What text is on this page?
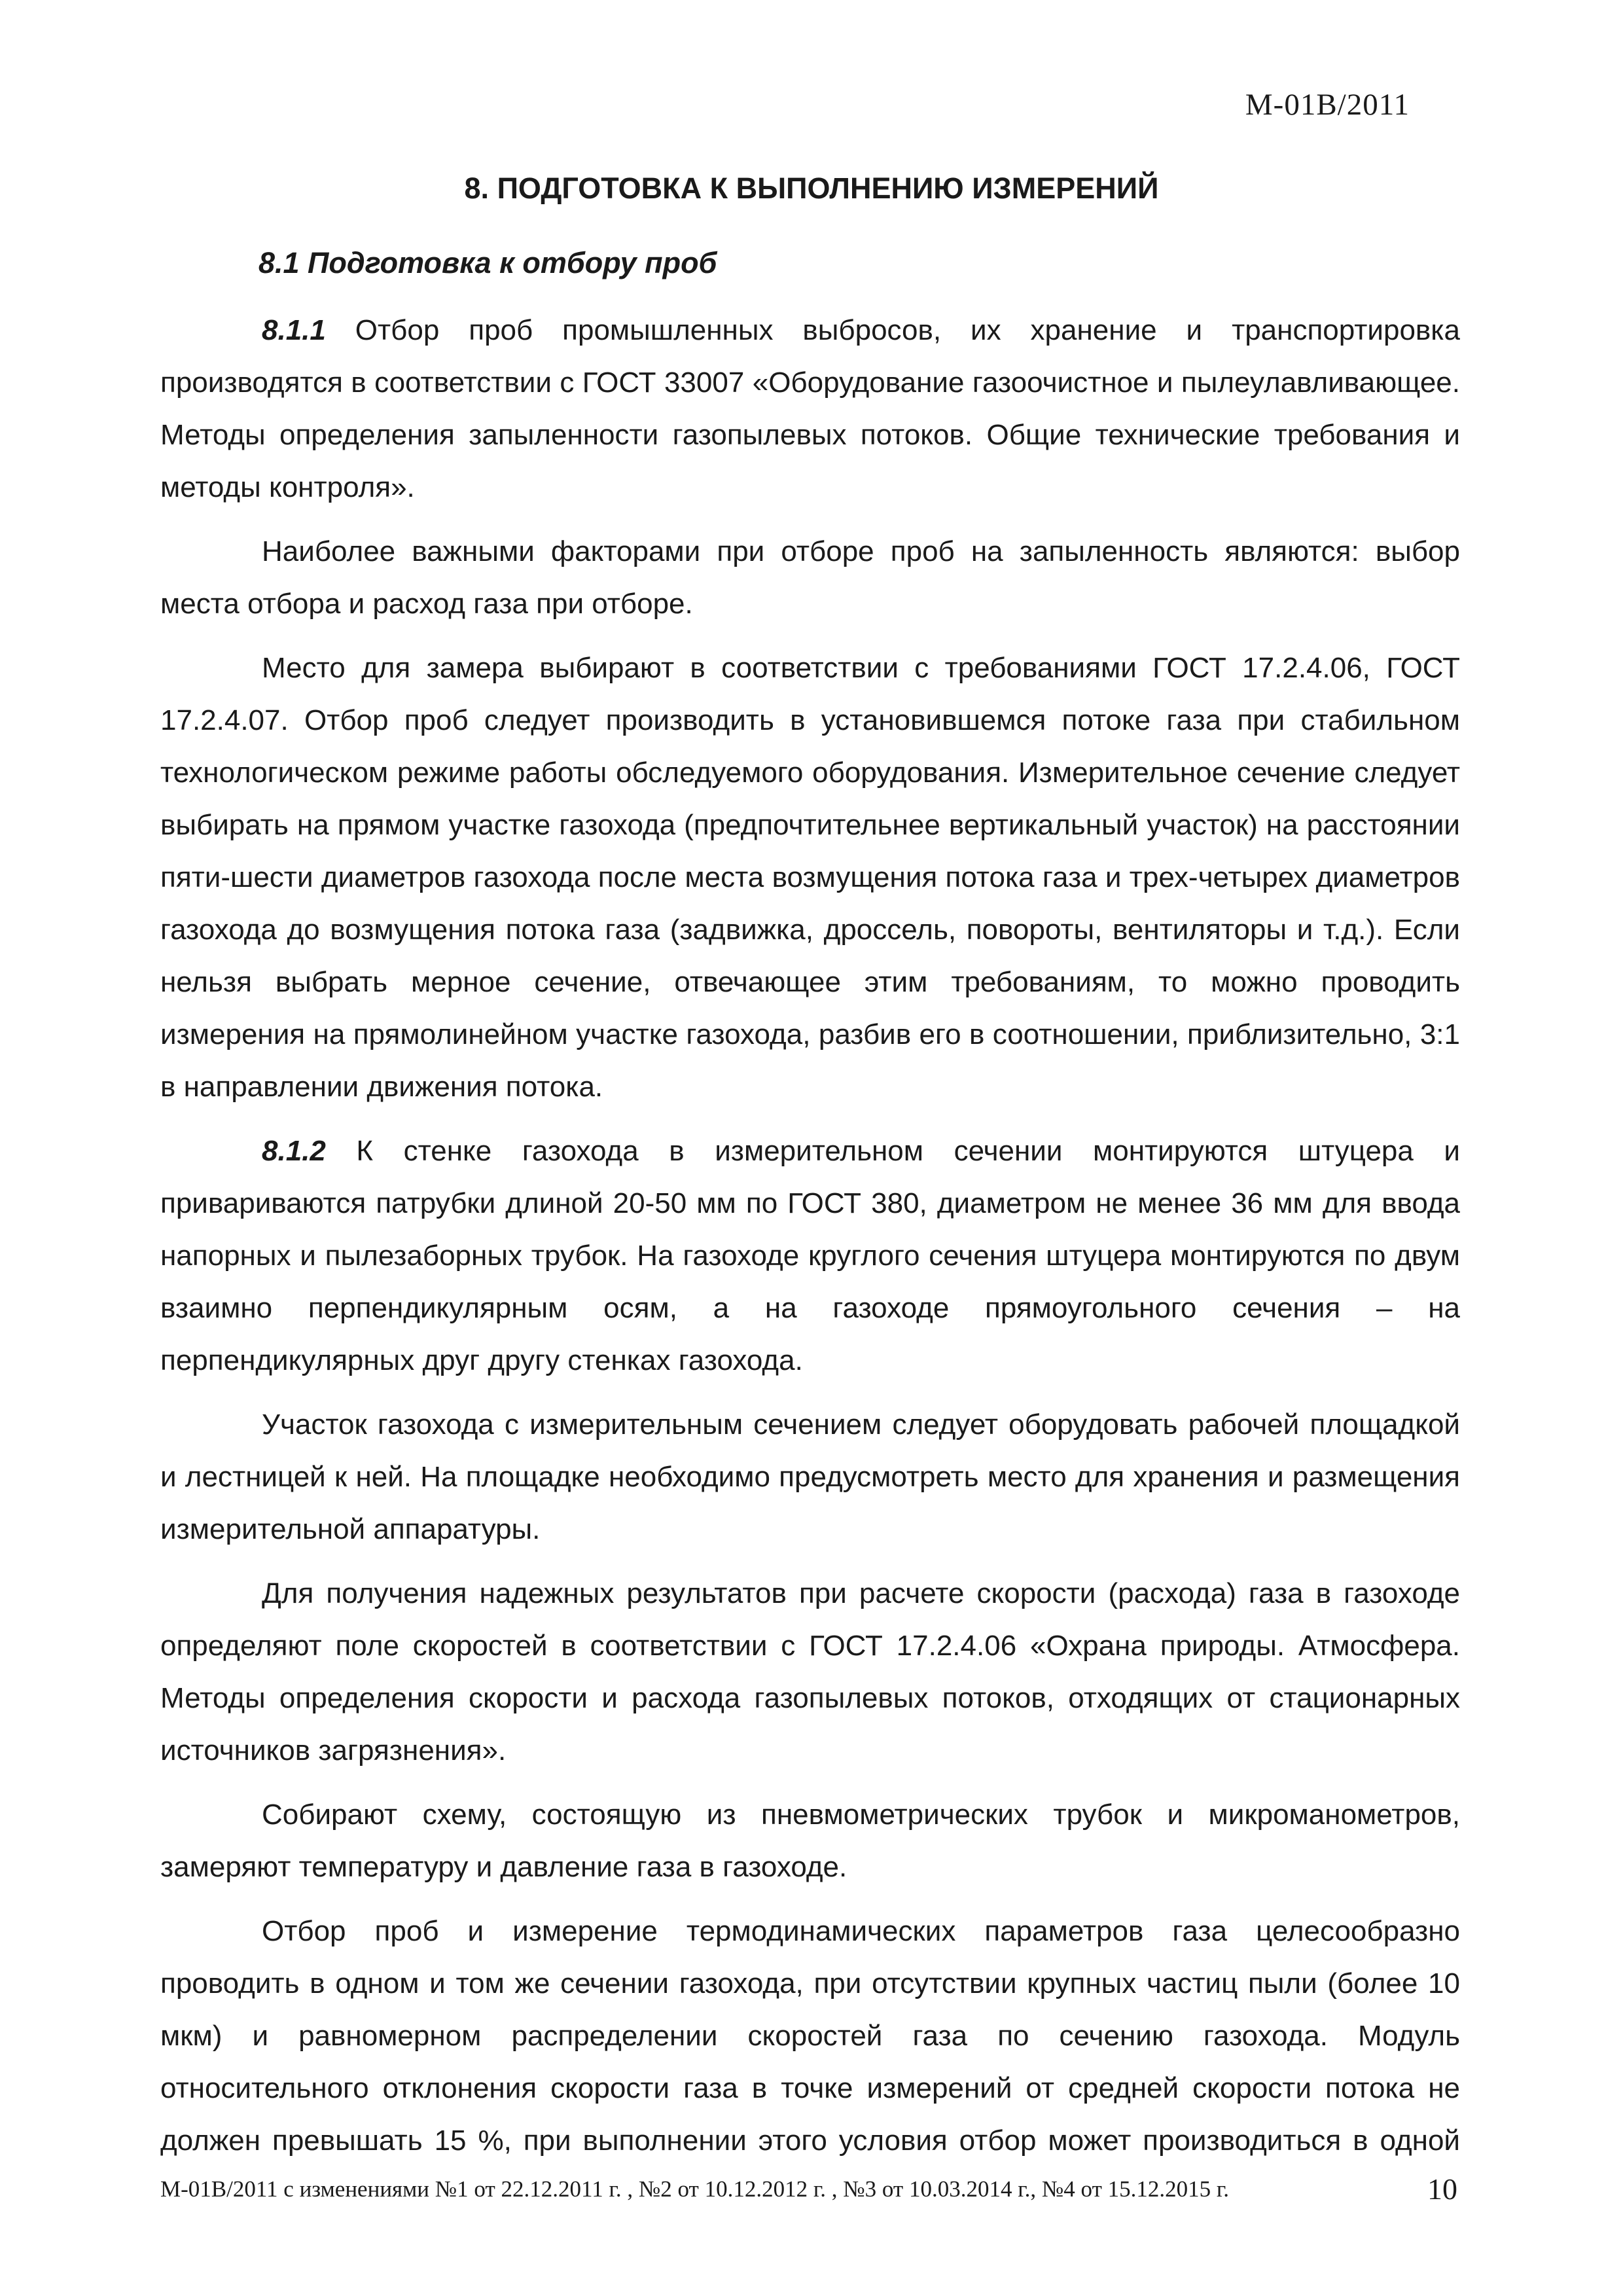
М-01В/2011
8. ПОДГОТОВКА К ВЫПОЛНЕНИЮ ИЗМЕРЕНИЙ
8.1 Подготовка к отбору проб

8.1.1 Отбор проб промышленных выбросов, их хранение и транспортировка производятся в соответствии с ГОСТ 33007 «Оборудование газоочистное и пылеулавливающее. Методы определения запыленности газопылевых потоков. Общие технические требования и методы контроля».

Наиболее важными факторами при отборе проб на запыленность являются: выбор места отбора и расход газа при отборе.

Место для замера выбирают в соответствии с требованиями ГОСТ 17.2.4.06, ГОСТ 17.2.4.07. Отбор проб следует производить в установившемся потоке газа при стабильном технологическом режиме работы обследуемого оборудования. Измерительное сечение следует выбирать на прямом участке газохода (предпочтительнее вертикальный участок) на расстоянии пяти-шести диаметров газохода после места возмущения потока газа и трех-четырех диаметров газохода до возмущения потока газа (задвижка, дроссель, повороты, вентиляторы и т.д.). Если нельзя выбрать мерное сечение, отвечающее этим требованиям, то можно проводить измерения на прямолинейном участке газохода, разбив его в соотношении, приблизительно, 3:1 в направлении движения потока.

8.1.2 К стенке газохода в измерительном сечении монтируются штуцера и привариваются патрубки длиной 20-50 мм по ГОСТ 380, диаметром не менее 36 мм для ввода напорных и пылезаборных трубок. На газоходе круглого сечения штуцера монтируются по двум взаимно перпендикулярным осям, а на газоходе прямоугольного сечения – на перпендикулярных друг другу стенках газохода.

Участок газохода с измерительным сечением следует оборудовать рабочей площадкой и лестницей к ней. На площадке необходимо предусмотреть место для хранения и размещения измерительной аппаратуры.

Для получения надежных результатов при расчете скорости (расхода) газа в газоходе определяют поле скоростей в соответствии с ГОСТ 17.2.4.06 «Охрана природы. Атмосфера. Методы определения скорости и расхода газопылевых потоков, отходящих от стационарных источников загрязнения».

Собирают схему, состоящую из пневмометрических трубок и микроманометров, замеряют температуру и давление газа в газоходе.

Отбор проб и измерение термодинамических параметров газа целесообразно проводить в одном и том же сечении газохода, при отсутствии крупных частиц пыли (более 10 мкм) и равномерном распределении скоростей газа по сечению газохода. Модуль относительного отклонения скорости газа в точке измерений от средней скорости потока не должен превышать 15 %, при выполнении этого условия отбор может производиться в одной

М-01В/2011 с изменениями №1 от 22.12.2011 г. , №2 от 10.12.2012 г. , №3 от 10.03.2014 г., №4 от 15.12.2015 г.	10
